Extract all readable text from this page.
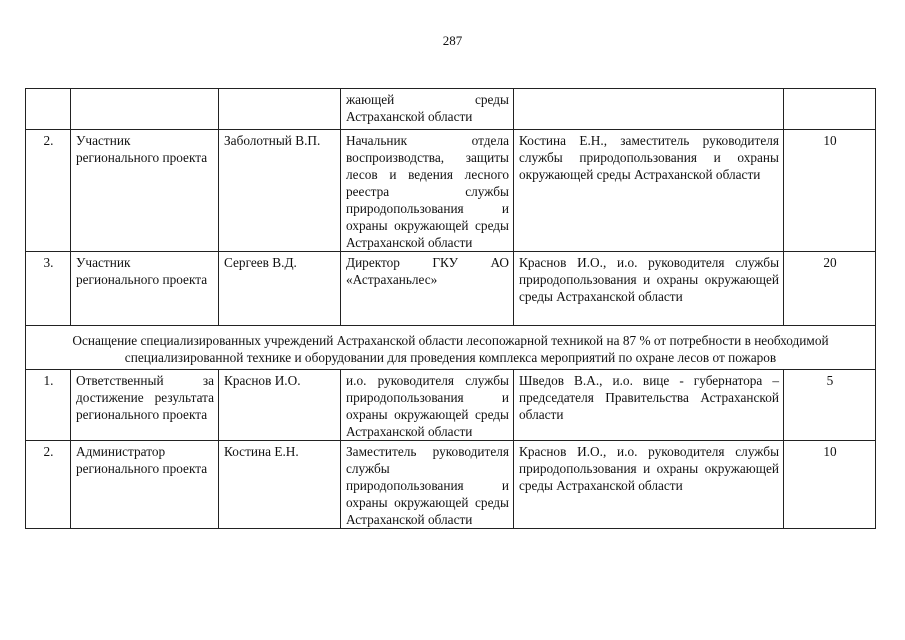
287
			жающей среды Астраханской области		
2.	Участник регионального проекта	Заболотный В.П.	Начальник отдела воспроизводства, защиты лесов и ведения лесного реестра службы природопользования и охраны окружающей среды Астраханской области	Костина Е.Н., заместитель руководителя службы природопользования и охраны окружающей среды Астраханской области	10
3.	Участник регионального проекта	Сергеев В.Д.	Директор ГКУ АО «Астраханьлес»	Краснов И.О., и.о. руководителя службы природопользования и охраны окружающей среды Астраханской области	20
Оснащение специализированных учреждений Астраханской области лесопожарной техникой на 87 % от потребности в необходимой специализированной технике и оборудовании для проведения комплекса мероприятий по охране лесов от пожаров					
1.	Ответственный за достижение результата регионального проекта	Краснов И.О.	и.о. руководителя службы природопользования и охраны окружающей среды Астраханской области	Шведов В.А., и.о. вице - губернатора – председателя Правительства Астраханской области	5
2.	Администратор регионального проекта	Костина Е.Н.	Заместитель руководителя службы природопользования и охраны окружающей среды Астраханской области	Краснов И.О., и.о. руководителя службы природопользования и охраны окружающей среды Астраханской области	10
